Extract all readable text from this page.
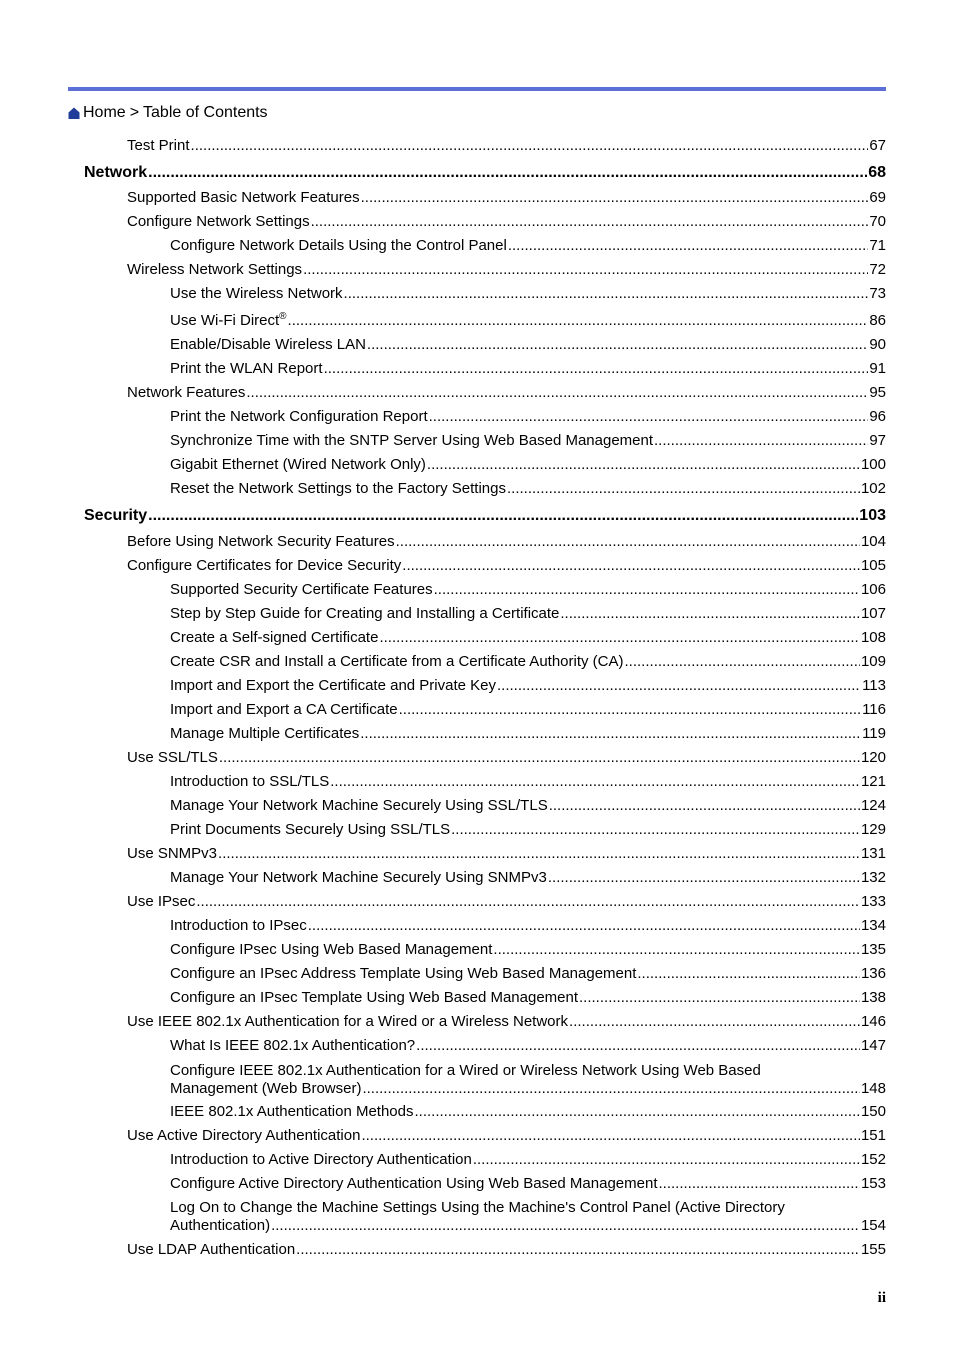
Home > Table of Contents
Test Print .....	67
Network .....	68
Supported Basic Network Features .....	69
Configure Network Settings .....	70
Configure Network Details Using the Control Panel .....	71
Wireless Network Settings .....	72
Use the Wireless Network .....	73
Use Wi-Fi Direct® .....	86
Enable/Disable Wireless LAN .....	90
Print the WLAN Report .....	91
Network Features .....	95
Print the Network Configuration Report .....	96
Synchronize Time with the SNTP Server Using Web Based Management .....	97
Gigabit Ethernet (Wired Network Only) .....	100
Reset the Network Settings to the Factory Settings .....	102
Security .....	103
Before Using Network Security Features .....	104
Configure Certificates for Device Security .....	105
Supported Security Certificate Features .....	106
Step by Step Guide for Creating and Installing a Certificate .....	107
Create a Self-signed Certificate .....	108
Create CSR and Install a Certificate from a Certificate Authority (CA) .....	109
Import and Export the Certificate and Private Key .....	113
Import and Export a CA Certificate .....	116
Manage Multiple Certificates .....	119
Use SSL/TLS .....	120
Introduction to SSL/TLS .....	121
Manage Your Network Machine Securely Using SSL/TLS .....	124
Print Documents Securely Using SSL/TLS .....	129
Use SNMPv3 .....	131
Manage Your Network Machine Securely Using SNMPv3 .....	132
Use IPsec .....	133
Introduction to IPsec .....	134
Configure IPsec Using Web Based Management .....	135
Configure an IPsec Address Template Using Web Based Management .....	136
Configure an IPsec Template Using Web Based Management .....	138
Use IEEE 802.1x Authentication for a Wired or a Wireless Network .....	146
What Is IEEE 802.1x Authentication? .....	147
Configure IEEE 802.1x Authentication for a Wired or Wireless Network Using Web Based
Management (Web Browser) .....	148
IEEE 802.1x Authentication Methods .....	150
Use Active Directory Authentication .....	151
Introduction to Active Directory Authentication .....	152
Configure Active Directory Authentication Using Web Based Management .....	153
Log On to Change the Machine Settings Using the Machine's Control Panel (Active Directory
Authentication) .....	154
Use LDAP Authentication .....	155
ii
